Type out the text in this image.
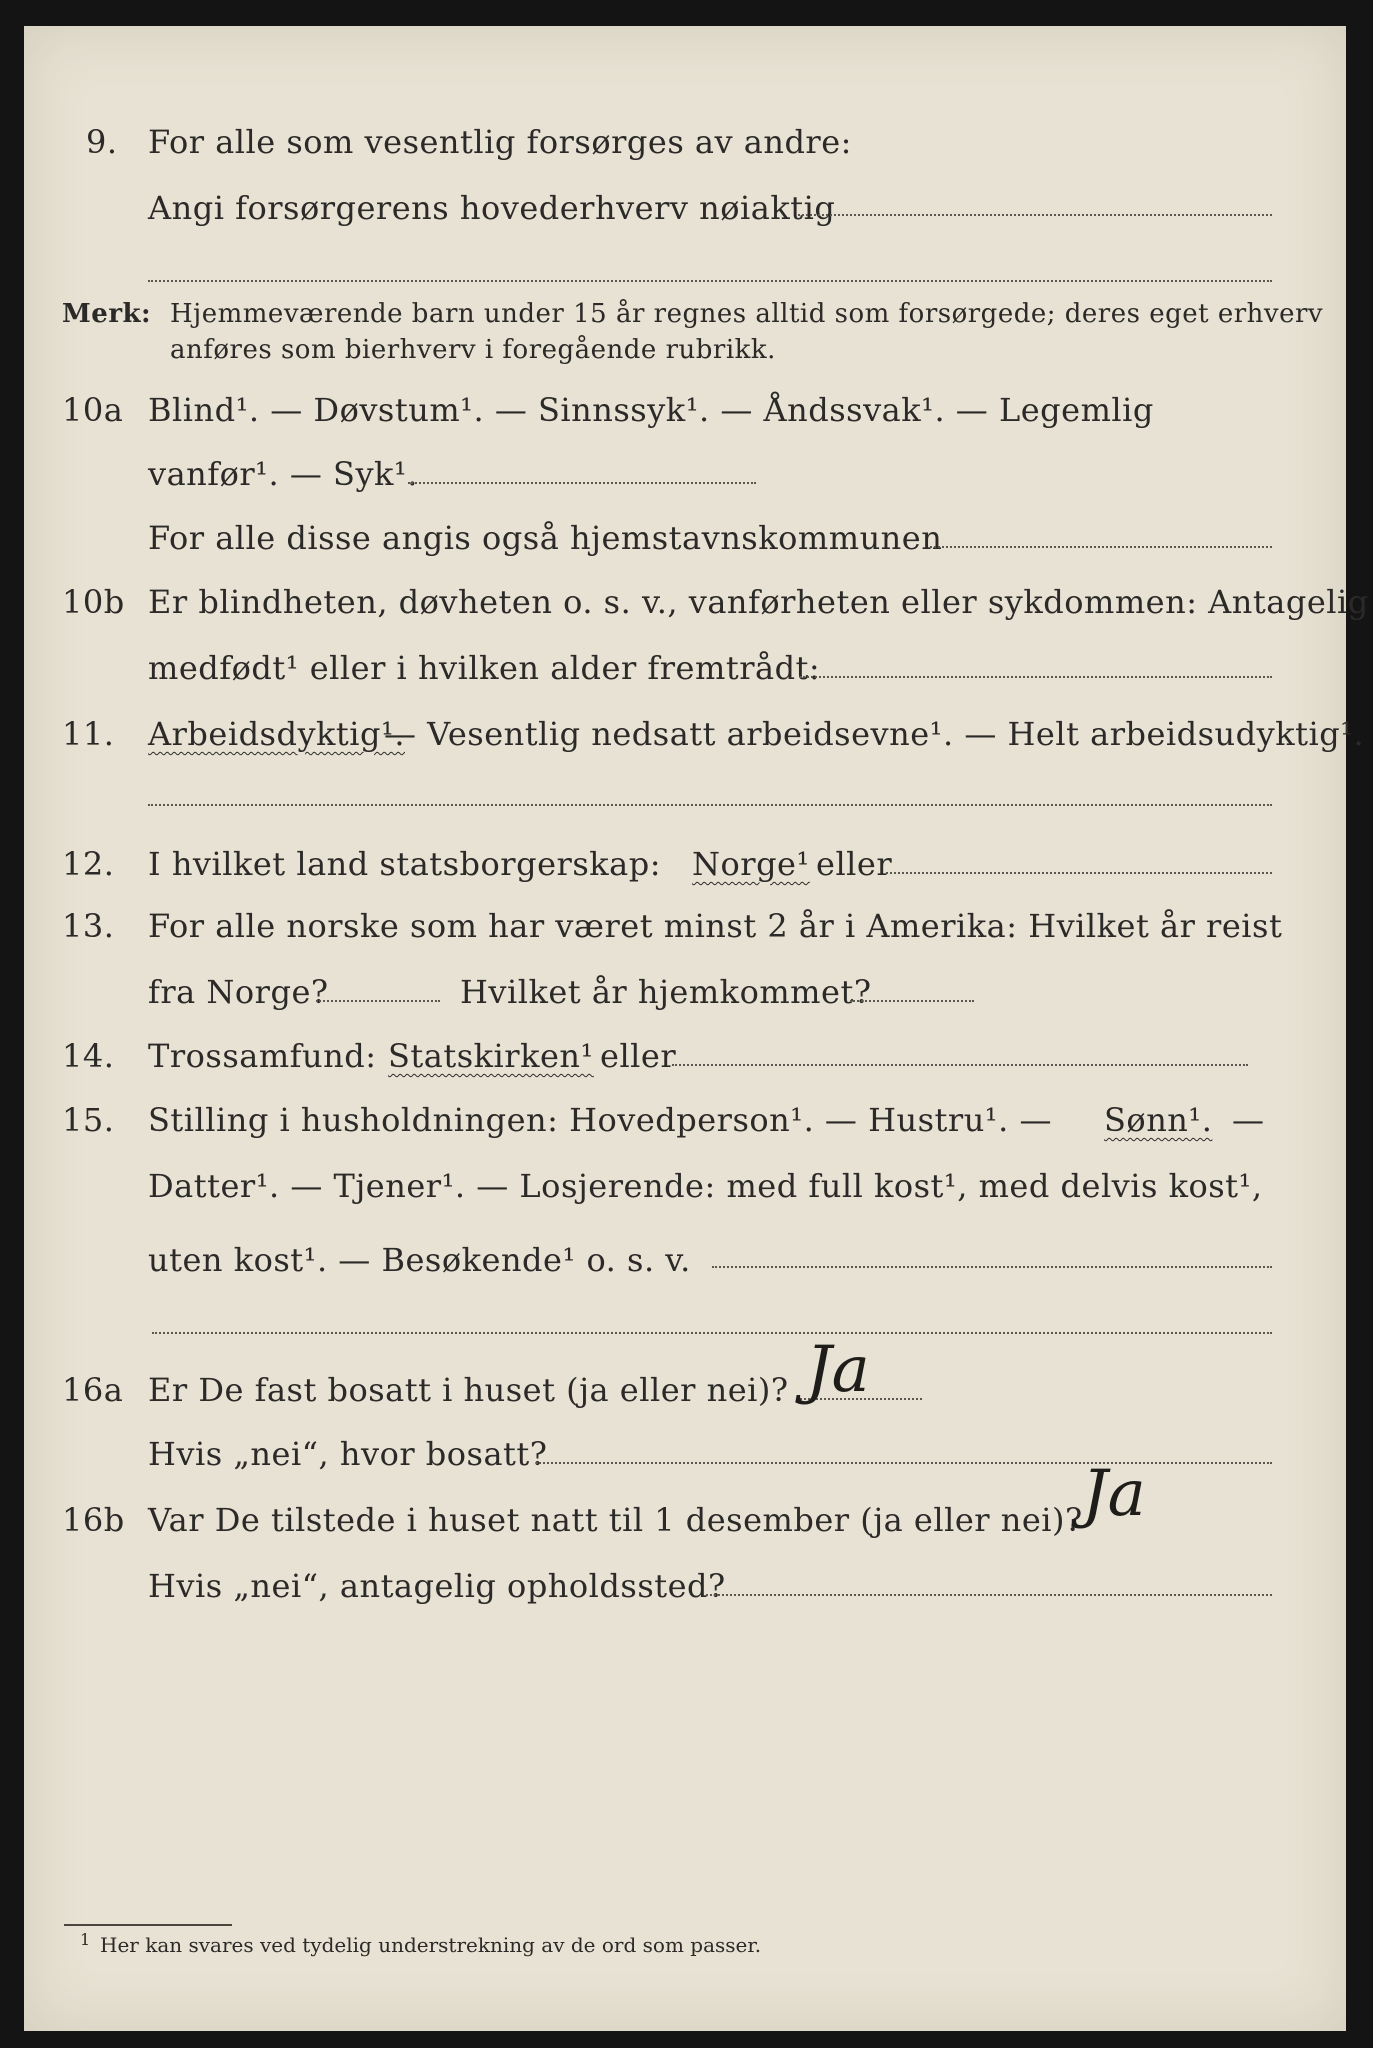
9. For alle som vesentlig forsørges av andre:
Angi forsørgerens hovederhverv nøiaktig
Merk: Hjemmeværende barn under 15 år regnes alltid som forsørgede; deres eget erhverv
anføres som bierhverv i foregående rubrikk.
10a Blind¹. — Døvstum¹. — Sinnssyk¹. — Åndssvak¹. — Legemlig
vanfør¹. — Syk¹.
For alle disse angis også hjemstavnskommunen
10b Er blindheten, døvheten o. s. v., vanførheten eller sykdommen: Antagelig
medfødt¹ eller i hvilken alder fremtrådt:
11. Arbeidsdyktig¹.
— Vesentlig nedsatt arbeidsevne¹. — Helt arbeidsudyktig¹.
12. I hvilket land statsborgerskap: Norge¹ eller
13. For alle norske som har været minst 2 år i Amerika: Hvilket år reist
fra Norge?	Hvilket år hjemkommet?
14. Trossamfund: Statskirken¹ eller
15. Stilling i husholdningen: Hovedperson¹. — Hustru¹. — Sønn¹. —
Datter¹. — Tjener¹. — Losjerende: med full kost¹, med delvis kost¹,
uten kost¹. — Besøkende¹ o. s. v.
16a Er De fast bosatt i huset (ja eller nei)? Ja
Hvis „nei“, hvor bosatt?
16b Var De tilstede i huset natt til 1 desember (ja eller nei)? Ja
Hvis „nei“, antagelig opholdssted?
1 Her kan svares ved tydelig understrekning av de ord som passer.
